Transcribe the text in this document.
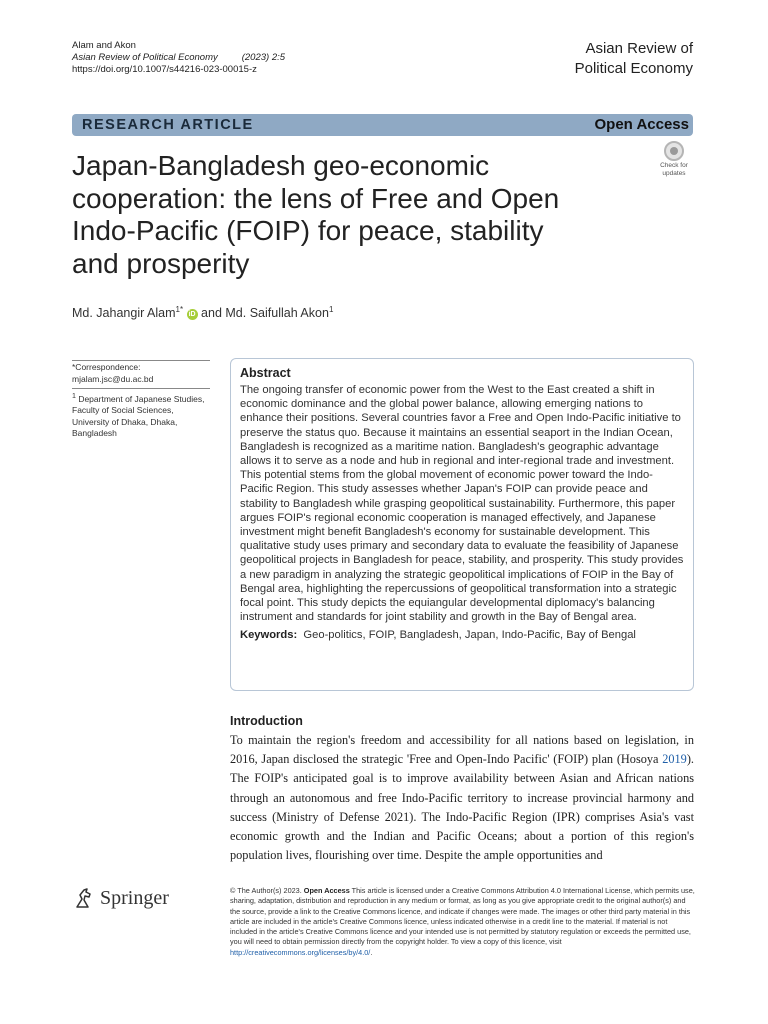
Alam and Akon
Asian Review of Political Economy	(2023) 2:5
https://doi.org/10.1007/s44216-023-00015-z
Asian Review of
Political Economy
RESEARCH ARTICLE	Open Access
Japan-Bangladesh geo-economic
cooperation: the lens of Free and Open
Indo-Pacific (FOIP) for peace, stability
and prosperity
Check for
updates
Md. Jahangir Alam$^{1*}$ iD and Md. Saifullah Akon$^1$
*Correspondence:
mjalam.jsc@du.ac.bd
$^1$ Department of Japanese Studies, Faculty of Social Sciences, University of Dhaka, Dhaka, Bangladesh
Abstract

The ongoing transfer of economic power from the West to the East created a shift in economic dominance and the global power balance, allowing emerging nations to enhance their positions. Several countries favor a Free and Open Indo-Pacific initiative to preserve the status quo. Because it maintains an essential seaport in the Indian Ocean, Bangladesh is recognized as a maritime nation. Bangladesh's geographic advantage allows it to serve as a node and hub in regional and inter-regional trade and investment. This potential stems from the global movement of economic power toward the Indo-Pacific Region. This study assesses whether Japan's FOIP can provide peace and stability to Bangladesh while grasping geopolitical sustainability. Furthermore, this paper argues FOIP's regional economic cooperation is managed effectively, and Japanese investment might benefit Bangladesh's economy for sustainable development. This qualitative study uses primary and secondary data to evaluate the feasibility of Japanese geopolitical projects in Bangladesh for peace, stability, and prosperity. This study provides a new paradigm in analyzing the strategic geopolitical implications of FOIP in the Bay of Bengal area, highlighting the repercussions of geopolitical transformation into a strategic focal point. This study depicts the equiangular developmental diplomacy's balancing instrument and standards for joint stability and growth in the Bay of Bengal area.

Keywords: Geo-politics, FOIP, Bangladesh, Japan, Indo-Pacific, Bay of Bengal
Introduction

To maintain the region's freedom and accessibility for all nations based on legislation, in 2016, Japan disclosed the strategic 'Free and Open-Indo Pacific' (FOIP) plan (Hosoya 2019). The FOIP's anticipated goal is to improve availability between Asian and African nations through an autonomous and free Indo-Pacific territory to increase provincial harmony and success (Ministry of Defense 2021). The Indo-Pacific Region (IPR) comprises Asia's vast economic growth and the Indian and Pacific Oceans; about a portion of this region's population lives, flourishing over time. Despite the ample opportunities and

Springer	© The Author(s) 2023. Open Access This article is licensed under a Creative Commons Attribution 4.0 International License, which permits use, sharing, adaptation, distribution and reproduction in any medium or format, as long as you give appropriate credit to the original author(s) and the source, provide a link to the Creative Commons licence, and indicate if changes were made. The images or other third party material in this article are included in the article's Creative Commons licence, unless indicated otherwise in a credit line to the material. If material is not included in the article's Creative Commons licence and your intended use is not permitted by statutory regulation or exceeds the permitted use, you will need to obtain permission directly from the copyright holder. To view a copy of this licence, visit http://creativecommons.org/licenses/by/4.0/.
